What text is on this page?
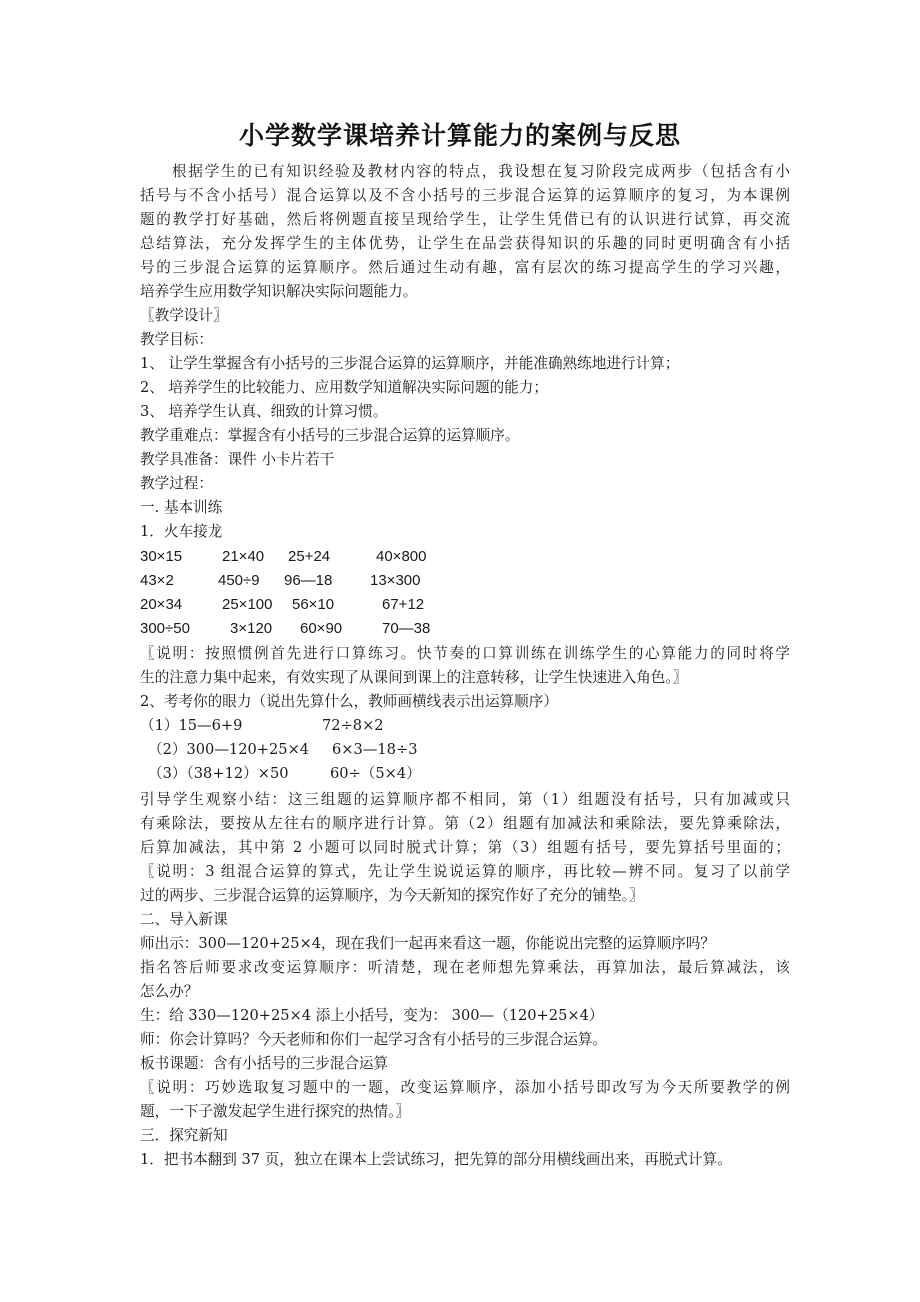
小学数学课培养计算能力的案例与反思
根据学生的已有知识经验及教材内容的特点，我设想在复习阶段完成两步（包括含有小
括号与不含小括号）混合运算以及不含小括号的三步混合运算的运算顺序的复习，为本课例
题的教学打好基础，然后将例题直接呈现给学生，让学生凭借已有的认识进行试算，再交流
总结算法，充分发挥学生的主体优势，让学生在品尝获得知识的乐趣的同时更明确含有小括
号的三步混合运算的运算顺序。然后通过生动有趣，富有层次的练习提高学生的学习兴趣，
培养学生应用数学知识解决实际问题能力。
〖教学设计〗
教学目标：
1、 让学生掌握含有小括号的三步混合运算的运算顺序，并能准确熟练地进行计算；
2、 培养学生的比较能力、应用数学知道解决实际问题的能力；
3、 培养学生认真、细致的计算习惯。
教学重难点：掌握含有小括号的三步混合运算的运算顺序。
教学具准备：课件 小卡片若干
教学过程：
一. 基本训练
1．火车接龙
30×15	21×40 25+24	40×800
43×2	450÷9 96—18	13×300
20×34	25×100 56×10	67+12
300÷50	3×120 60×90	70—38
〖说明：按照惯例首先进行口算练习。快节奏的口算训练在训练学生的心算能力的同时将学
生的注意力集中起来，有效实现了从课间到课上的注意转移，让学生快速进入角色。〗
2、考考你的眼力（说出先算什么，教师画横线表示出运算顺序）
（1）15—6+9	72÷8×2
（2）300—120+25×4 6×3—18÷3
（3）（38+12）×50	60÷（5×4）
引导学生观察小结：这三组题的运算顺序都不相同，第（1）组题没有括号，只有加减或只
有乘除法，要按从左往右的顺序进行计算。第（2）组题有加减法和乘除法，要先算乘除法，
后算加减法，其中第 2 小题可以同时脱式计算；第（3）组题有括号，要先算括号里面的；
〖说明：3 组混合运算的算式，先让学生说说运算的顺序，再比较—辨不同。复习了以前学
过的两步、三步混合运算的运算顺序，为今天新知的探究作好了充分的铺垫。〗
二、导入新课
师出示：300—120+25×4，现在我们一起再来看这一题，你能说出完整的运算顺序吗？
指名答后师要求改变运算顺序：听清楚，现在老师想先算乘法，再算加法，最后算减法，该
怎么办？
生：给 330—120+25×4 添上小括号，变为： 300—（120+25×4）
师：你会计算吗？今天老师和你们一起学习含有小括号的三步混合运算。
板书课题：含有小括号的三步混合运算
〖说明：巧妙选取复习题中的一题，改变运算顺序，添加小括号即改写为今天所要教学的例
题，一下子激发起学生进行探究的热情。〗
三．探究新知
1．把书本翻到 37 页，独立在课本上尝试练习，把先算的部分用横线画出来，再脱式计算。
